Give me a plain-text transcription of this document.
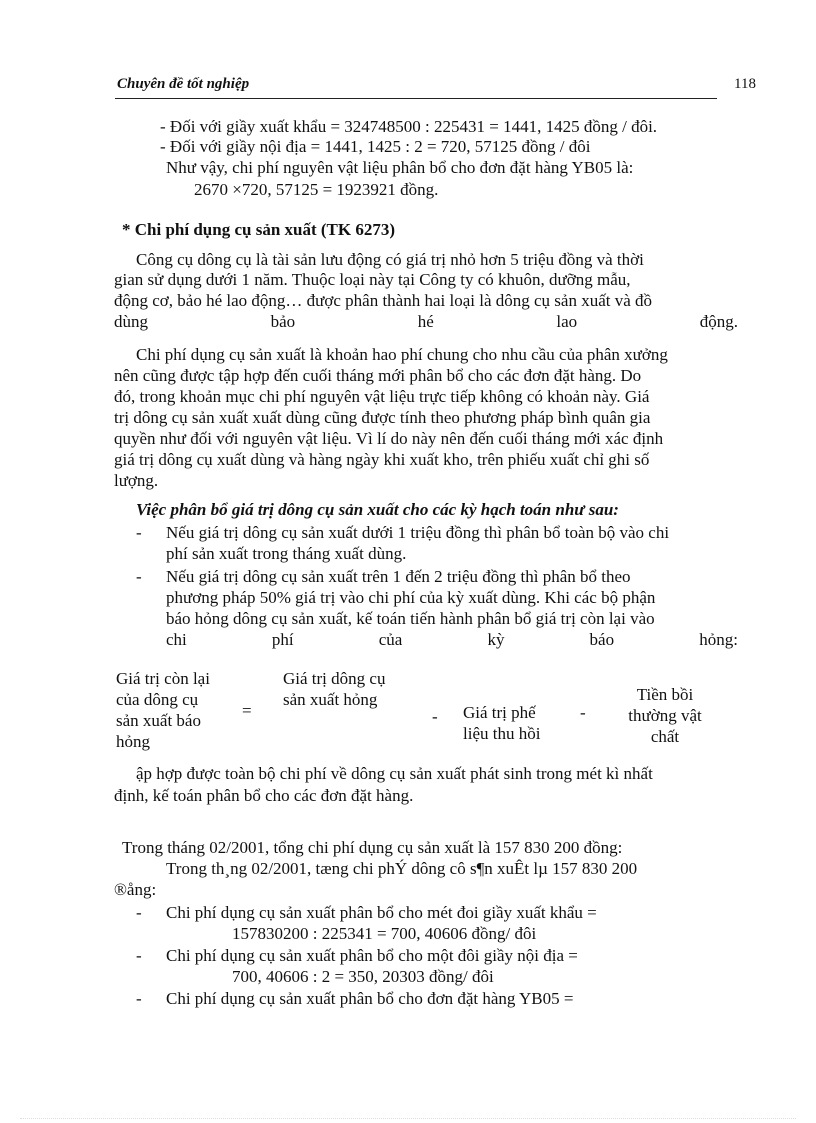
Chuyên đề tốt nghiệp	118
- Đối với giầy xuất khẩu = 324748500 : 225431 = 1441, 1425 đồng / đôi.
- Đối với giầy nội địa = 1441, 1425 : 2 = 720, 57125 đồng / đôi
Như vậy, chi phí nguyên vật liệu phân bổ cho đơn đặt hàng YB05 là:
2670 ×720, 57125 = 1923921 đồng.
* Chi phí dụng cụ sản xuất (TK 6273)
Công cụ dông cụ là tài sản lưu động có giá trị nhỏ hơn 5 triệu đồng và thời
gian sử dụng dưới 1 năm. Thuộc loại này tại Công ty có khuôn, dưỡng mẫu,
động cơ, bảo hé lao động… được phân thành hai loại là dông cụ sản xuất và đồ
dùng	bảo	hé	lao	động.
Chi phí dụng cụ sản xuất là khoản hao phí chung cho nhu cầu của phân xưởng
nên cũng được tập hợp đến cuối tháng mới phân bổ cho các đơn đặt hàng. Do
đó, trong khoản mục chi phí nguyên vật liệu trực tiếp không có khoản này. Giá
trị dông cụ sản xuất xuất dùng cũng được tính theo phương pháp bình quân gia
quyền như đối với nguyên vật liệu. Vì lí do này nên đến cuối tháng mới xác định
giá trị dông cụ xuất dùng và hàng ngày khi xuất kho, trên phiếu xuất chỉ ghi số
lượng.
Việc phân bổ giá trị dông cụ sản xuất cho các kỳ hạch toán như sau:
- Nếu giá trị dông cụ sản xuất dưới 1 triệu đồng thì phân bổ toàn bộ vào chi
phí sản xuất trong tháng xuất dùng.
- Nếu giá trị dông cụ sản xuất trên 1 đến 2 triệu đồng thì phân bổ theo
phương pháp 50% giá trị vào chi phí của kỳ xuất dùng. Khi các bộ phận
báo hỏng dông cụ sản xuất, kế toán tiến hành phân bổ giá trị còn lại vào
chi	phí	của	kỳ	báo	hỏng:
Giá trị còn lại
của dông cụ
sản xuất báo
hỏng
=
Giá trị dông cụ
sản xuất hỏng
- Giá trị phế
liệu thu hồi
-
Tiền bồi
thường vật
chất
ập hợp được toàn bộ chi phí về dông cụ sản xuất phát sinh trong mét kì nhất
định, kế toán phân bổ cho các đơn đặt hàng.
Trong tháng 02/2001, tổng chi phí dụng cụ sản xuất là 157 830 200 đồng:
Trong th¸ng 02/2001, tæng chi phÝ dông cô s¶n xuÊt lµ 157 830 200
®ång:
- Chi phí dụng cụ sản xuất phân bổ cho mét đoi giầy xuất khẩu =
157830200 : 225341 = 700, 40606 đồng/ đôi
- Chi phí dụng cụ sản xuất phân bổ cho một đôi giầy nội địa =
700, 40606 : 2 = 350, 20303 đồng/ đôi
- Chi phí dụng cụ sản xuất phân bổ cho đơn đặt hàng YB05 =
